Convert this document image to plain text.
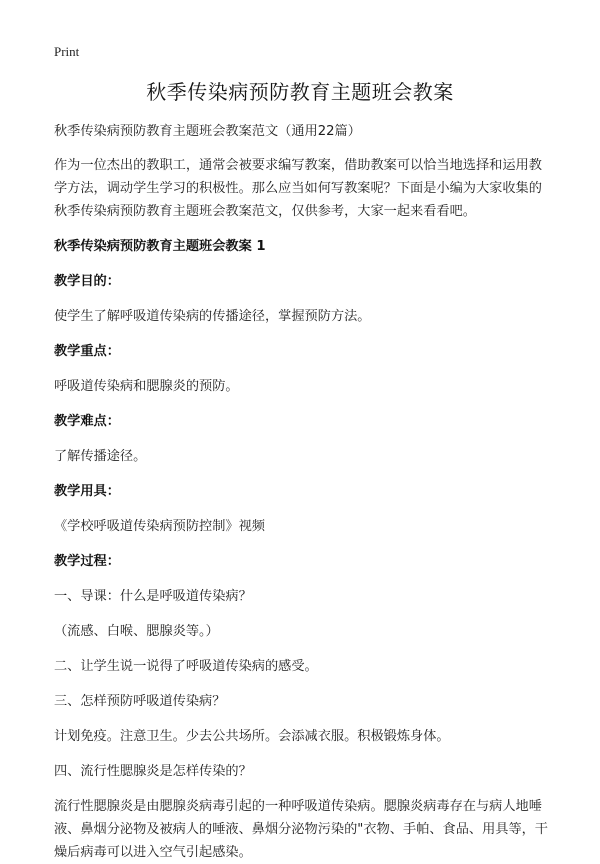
Print
秋季传染病预防教育主题班会教案

秋季传染病预防教育主题班会教案范文（通用22篇）

作为一位杰出的教职工，通常会被要求编写教案，借助教案可以恰当地选择和运用教学方法，调动学生学习的积极性。那么应当如何写教案呢？下面是小编为大家收集的秋季传染病预防教育主题班会教案范文，仅供参考，大家一起来看看吧。

秋季传染病预防教育主题班会教案 1

教学目的：

使学生了解呼吸道传染病的传播途径，掌握预防方法。

教学重点：

呼吸道传染病和腮腺炎的预防。

教学难点：

了解传播途径。

教学用具：

《学校呼吸道传染病预防控制》视频

教学过程：

一、导课：什么是呼吸道传染病？

（流感、白喉、腮腺炎等。）

二、让学生说一说得了呼吸道传染病的感受。

三、怎样预防呼吸道传染病？

计划免疫。注意卫生。少去公共场所。会添减衣服。积极锻炼身体。

四、流行性腮腺炎是怎样传染的？

流行性腮腺炎是由腮腺炎病毒引起的一种呼吸道传染病。腮腺炎病毒存在与病人地唾液、鼻烟分泌物及被病人的唾液、鼻烟分泌物污染的"衣物、手帕、食品、用具等，干燥后病毒可以进入空气引起感染。
